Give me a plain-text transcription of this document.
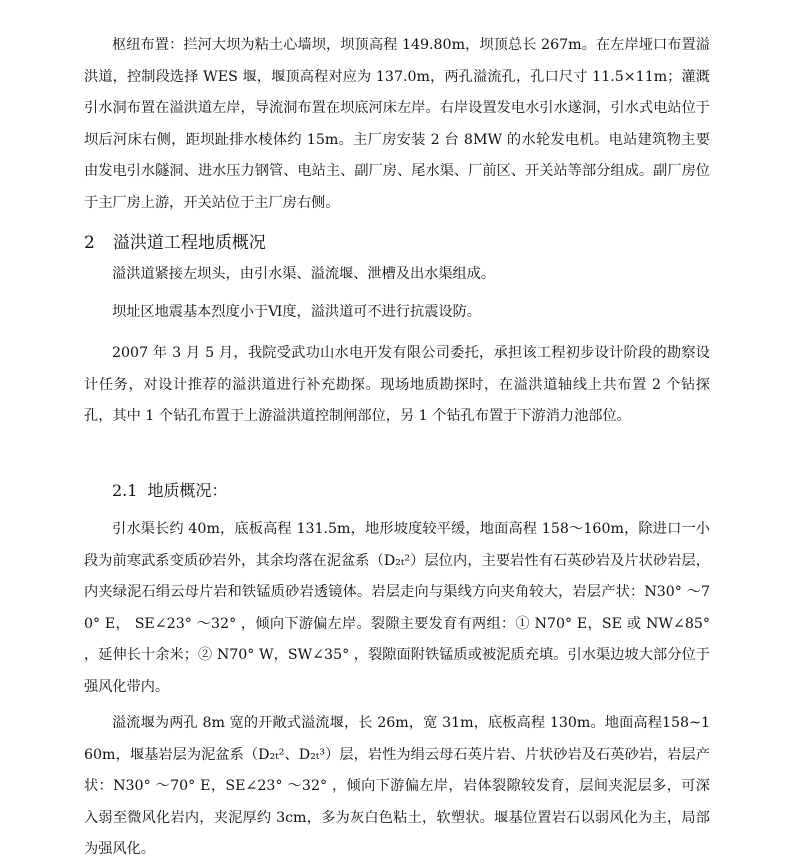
枢纽布置：拦河大坝为粘土心墙坝，坝顶高程 149.80m，坝顶总长 267m。在左岸垭口布置溢洪道，控制段选择 WES 堰，堰顶高程对应为 137.0m，两孔溢流孔，孔口尺寸 11.5×11m；灌溉引水洞布置在溢洪道左岸，导流洞布置在坝底河床左岸。右岸设置发电水引水遂洞，引水式电站位于坝后河床右侧，距坝趾排水棱体约 15m。主厂房安装 2 台 8MW 的水轮发电机。电站建筑物主要由发电引水隧洞、进水压力钢管、电站主、副厂房、尾水渠、厂前区、开关站等部分组成。副厂房位于主厂房上游，开关站位于主厂房右侧。

2 溢洪道工程地质概况

溢洪道紧接左坝头，由引水渠、溢流堰、泄槽及出水渠组成。

坝址区地震基本烈度小于Ⅵ度，溢洪道可不进行抗震设防。

2007 年 3 月 5 月，我院受武功山水电开发有限公司委托，承担该工程初步设计阶段的勘察设计任务，对设计推荐的溢洪道进行补充勘探。现场地质勘探时，在溢洪道轴线上共布置 2 个钻探孔，其中 1 个钻孔布置于上游溢洪道控制闸部位，另 1 个钻孔布置于下游消力池部位。

2.1 地质概况：

引水渠长约 40m，底板高程 131.5m，地形坡度较平缓，地面高程 158～160m，除进口一小段为前寒武系变质砂岩外，其余均落在泥盆系（D₂ₜ²）层位内，主要岩性有石英砂岩及片状砂岩层，内夹绿泥石绢云母片岩和铁锰质砂岩透镜体。岩层走向与渠线方向夹角较大，岩层产状：N30° ～70° E， SE∠23° ～32° ，倾向下游偏左岸。裂隙主要发育有两组：① N70° E，SE 或 NW∠85° ，延伸长十余米；② N70° W，SW∠35° ，裂隙面附铁锰质或被泥质充填。引水渠边坡大部分位于强风化带内。

溢流堰为两孔 8m 宽的开敞式溢流堰，长 26m，宽 31m，底板高程 130m。地面高程158~160m，堰基岩层为泥盆系（D₂ₜ²、D₂ₜ³）层，岩性为绢云母石英片岩、片状砂岩及石英砂岩，岩层产状：N30° ～70° E，SE∠23° ～32° ，倾向下游偏左岸，岩体裂隙较发育，层间夹泥层多，可深入弱至微风化岩内，夹泥厚约 3cm，多为灰白色粘土，软塑状。堰基位置岩石以弱风化为主，局部为强风化。
